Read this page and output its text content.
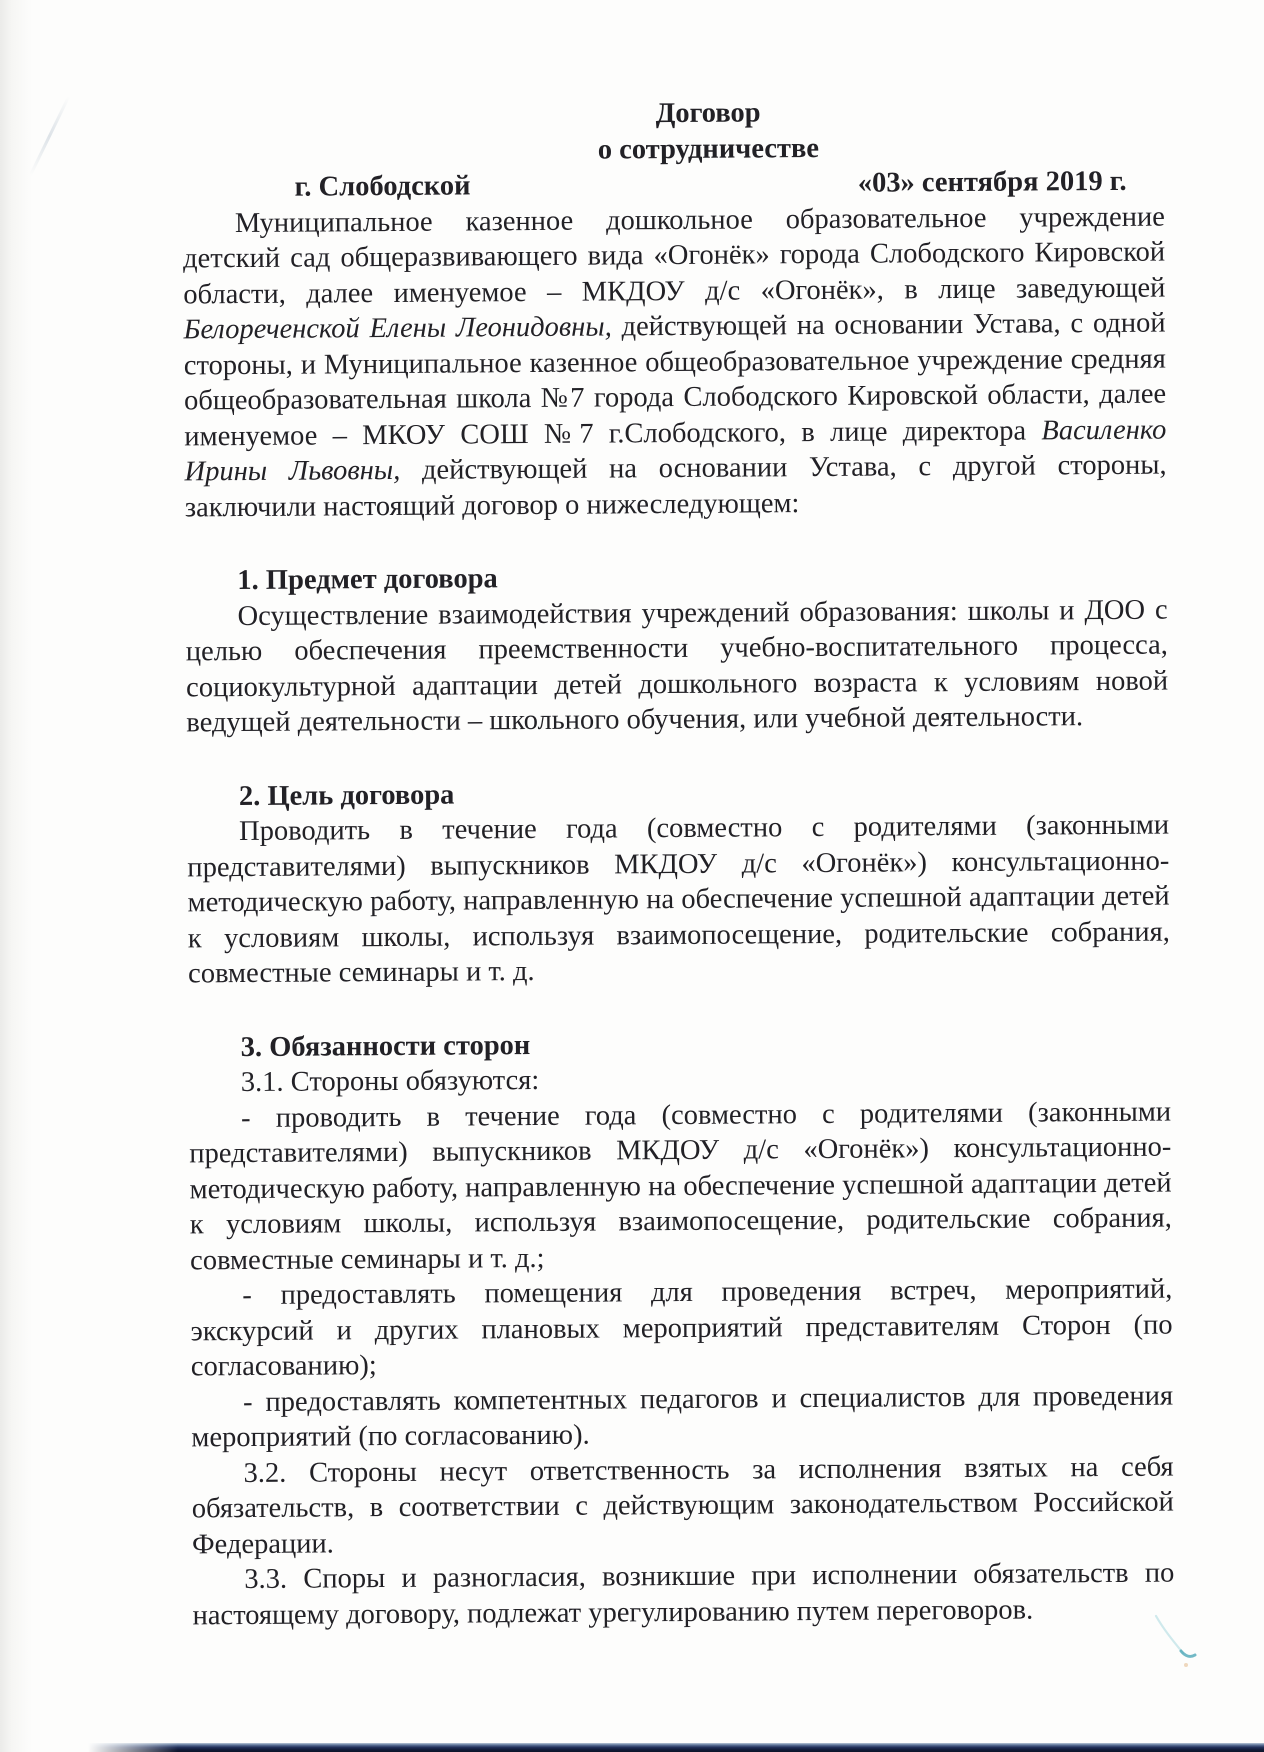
Договор
о сотрудничестве
г. Слободской	«03» сентября 2019 г.

Муниципальное казенное дошкольное образовательное учреждение детский сад общеразвивающего вида «Огонёк» города Слободского Кировской области, далее именуемое – МКДОУ д/с «Огонёк», в лице заведующей Белореченской Елены Леонидовны, действующей на основании Устава, с одной стороны, и Муниципальное казенное общеобразовательное учреждение средняя общеобразовательная школа №7 города Слободского Кировской области, далее именуемое – МКОУ СОШ №7 г.Слободского, в лице директора Василенко Ирины Львовны, действующей на основании Устава, с другой стороны, заключили настоящий договор о нижеследующем:

1. Предмет договора

Осуществление взаимодействия учреждений образования: школы и ДОО с целью обеспечения преемственности учебно-воспитательного процесса, социокультурной адаптации детей дошкольного возраста к условиям новой ведущей деятельности – школьного обучения, или учебной деятельности.

2. Цель договора

Проводить в течение года (совместно с родителями (законными представителями) выпускников МКДОУ д/с «Огонёк») консультационно-методическую работу, направленную на обеспечение успешной адаптации детей к условиям школы, используя взаимопосещение, родительские собрания, совместные семинары и т. д.

3. Обязанности сторон

3.1. Стороны обязуются:

- проводить в течение года (совместно с родителями (законными представителями) выпускников МКДОУ д/с «Огонёк») консультационно-методическую работу, направленную на обеспечение успешной адаптации детей к условиям школы, используя взаимопосещение, родительские собрания, совместные семинары и т. д.;

- предоставлять помещения для проведения встреч, мероприятий, экскурсий и других плановых мероприятий представителям Сторон (по согласованию);

- предоставлять компетентных педагогов и специалистов для проведения мероприятий (по согласованию).

3.2. Стороны несут ответственность за исполнения взятых на себя обязательств, в соответствии с действующим законодательством Российской Федерации.

3.3. Споры и разногласия, возникшие при исполнении обязательств по настоящему договору, подлежат урегулированию путем переговоров.
